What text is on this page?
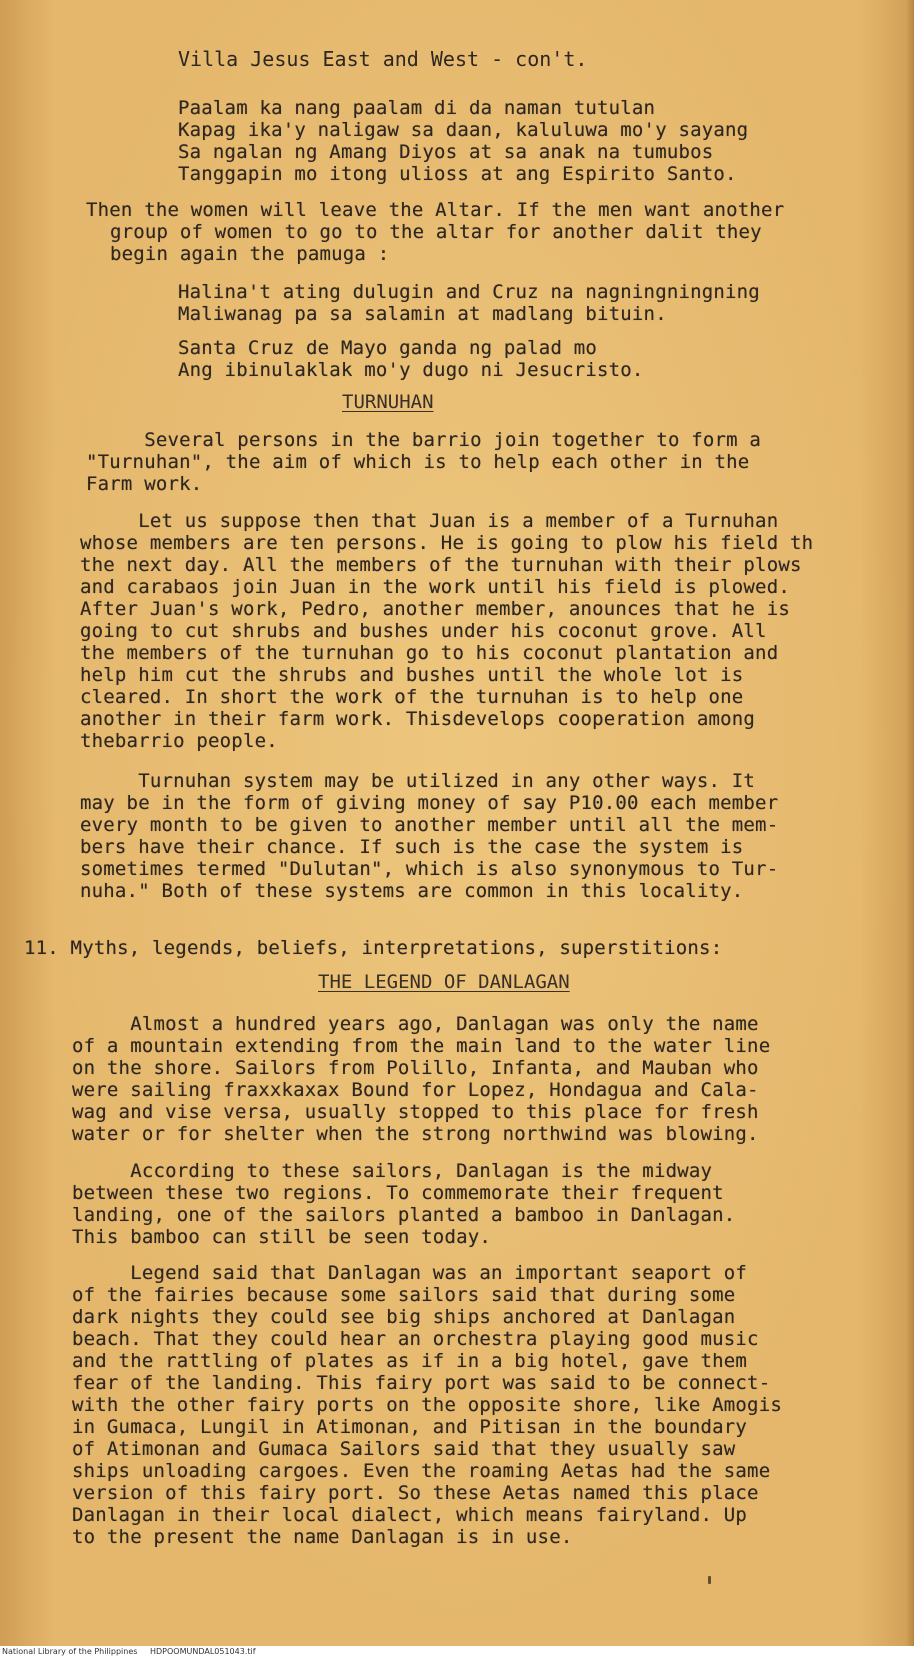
Villa Jesus East and West - con't.
Paalam ka nang paalam di da naman tutulan
Kapag ika'y naligaw sa daan, kaluluwa mo'y sayang
Sa ngalan ng Amang Diyos at sa anak na tumubos
Tanggapin mo itong ulioss at ang Espirito Santo.
Then the women will leave the Altar. If the men want another
group of women to go to the altar for another dalit they
begin again the pamuga :
Halina't ating dulugin and Cruz na nagningningning
Maliwanag pa sa salamin at madlang bituin.
Santa Cruz de Mayo ganda ng palad mo
Ang ibinulaklak mo'y dugo ni Jesucristo.
TURNUHAN
Several persons in the barrio join together to form a
"Turnuhan", the aim of which is to help each other in the
Farm work.
Let us suppose then that Juan is a member of a Turnuhan
whose members are ten persons. He is going to plow his field th
the next day. All the members of the turnuhan with their plows
and carabaos join Juan in the work until his field is plowed.
After Juan's work, Pedro, another member, anounces that he is
going to cut shrubs and bushes under his coconut grove. All
the members of the turnuhan go to his coconut plantation and
help him cut the shrubs and bushes until the whole lot is
cleared. In short the work of the turnuhan is to help one
another in their farm work. Thisdevelops cooperation among
thebarrio people.
Turnuhan system may be utilized in any other ways. It
may be in the form of giving money of say P10.00 each member
every month to be given to another member until all the mem-
bers have their chance. If such is the case the system is
sometimes termed "Dulutan", which is also synonymous to Tur-
nuha." Both of these systems are common in this locality.
11. Myths, legends, beliefs, interpretations, superstitions:
THE LEGEND OF DANLAGAN
Almost a hundred years ago, Danlagan was only the name
of a mountain extending from the main land to the water line
on the shore. Sailors from Polillo, Infanta, and Mauban who
were sailing fraxxkaxax Bound for Lopez, Hondagua and Cala-
wag and vise versa, usually stopped to this place for fresh
water or for shelter when the strong northwind was blowing.
According to these sailors, Danlagan is the midway
between these two regions. To commemorate their frequent
landing, one of the sailors planted a bamboo in Danlagan.
This bamboo can still be seen today.
Legend said that Danlagan was an important seaport of
of the fairies because some sailors said that during some
dark nights they could see big ships anchored at Danlagan
beach. That they could hear an orchestra playing good music
and the rattling of plates as if in a big hotel, gave them
fear of the landing. This fairy port was said to be connect-
with the other fairy ports on the opposite shore, like Amogis
in Gumaca, Lungil in Atimonan, and Pitisan in the boundary
of Atimonan and Gumaca Sailors said that they usually saw
ships unloading cargoes. Even the roaming Aetas had the same
version of this fairy port. So these Aetas named this place
Danlagan in their local dialect, which means fairyland. Up
to the present the name Danlagan is in use.
National Library of the Philippines HDPOOMUNDAL051043.tif
